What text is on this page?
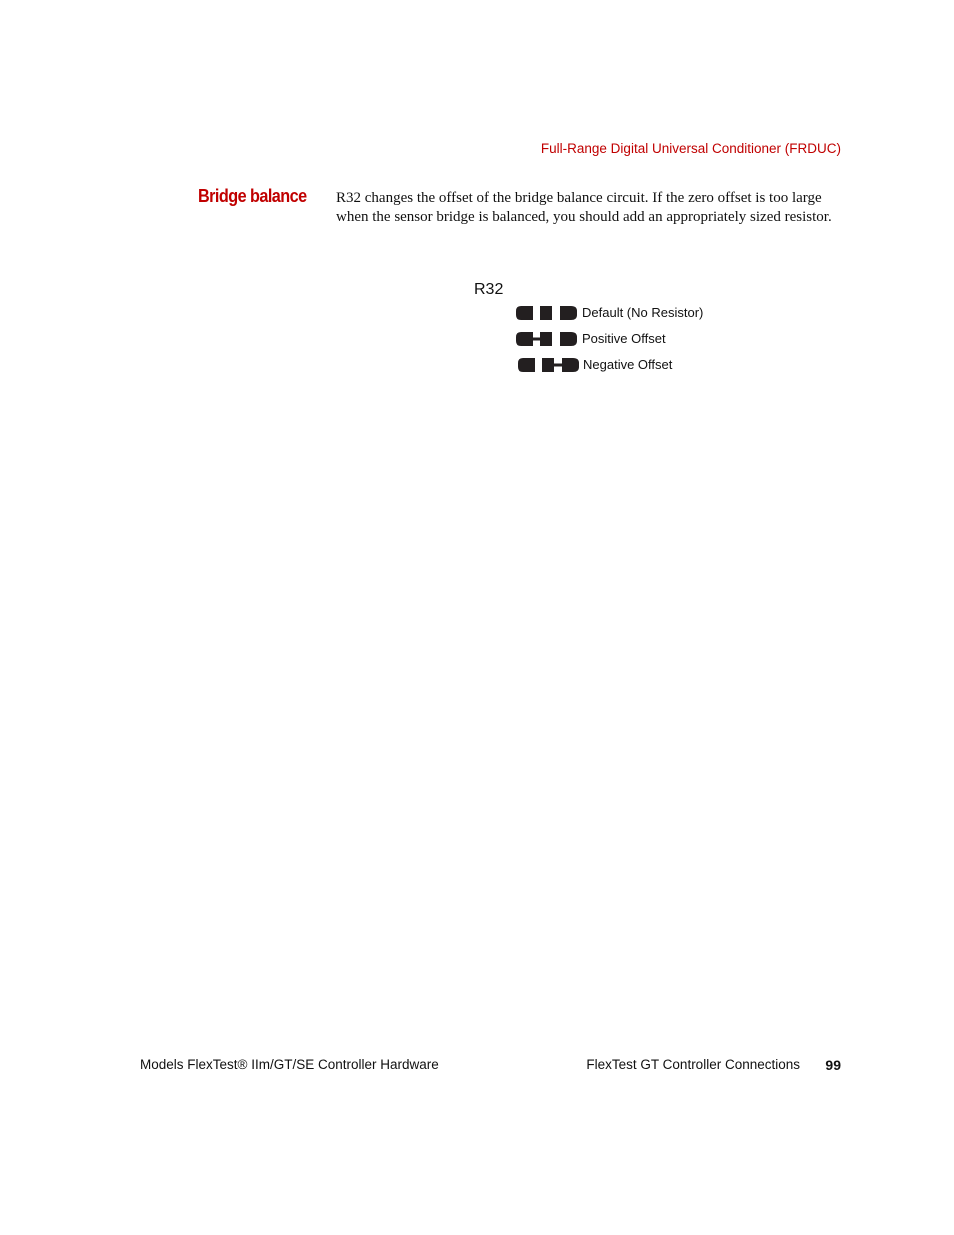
Full-Range Digital Universal Conditioner (FRDUC)
Bridge balance R32 changes the offset of the bridge balance circuit. If the zero offset is too large when the sensor bridge is balanced, you should add an appropriately sized resistor.
R32
Default (No Resistor)
Positive Offset
Negative Offset
Models FlexTest® IIm/GT/SE Controller Hardware	FlexTest GT Controller Connections 99
